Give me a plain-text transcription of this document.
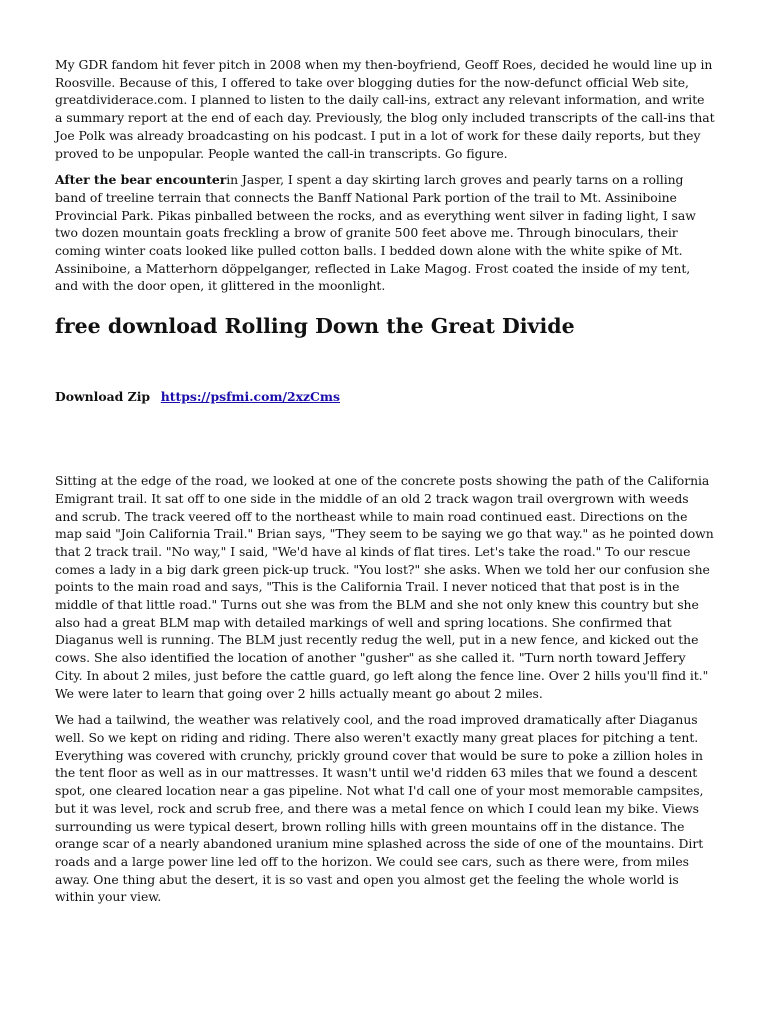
My GDR fandom hit fever pitch in 2008 when my then-boyfriend, Geoff Roes, decided he would line up in Roosville. Because of this, I offered to take over blogging duties for the now-defunct official Web site, greatdividerace.com. I planned to listen to the daily call-ins, extract any relevant information, and write a summary report at the end of each day. Previously, the blog only included transcripts of the call-ins that Joe Polk was already broadcasting on his podcast. I put in a lot of work for these daily reports, but they proved to be unpopular. People wanted the call-in transcripts. Go figure.

After the bear encounterin Jasper, I spent a day skirting larch groves and pearly tarns on a rolling band of treeline terrain that connects the Banff National Park portion of the trail to Mt. Assiniboine Provincial Park. Pikas pinballed between the rocks, and as everything went silver in fading light, I saw two dozen mountain goats freckling a brow of granite 500 feet above me. Through binoculars, their coming winter coats looked like pulled cotton balls. I bedded down alone with the white spike of Mt. Assiniboine, a Matterhorn döppelganger, reflected in Lake Magog. Frost coated the inside of my tent, and with the door open, it glittered in the moonlight.

free download Rolling Down the Great Divide
Download Zip https://psfmi.com/2xzCms

Sitting at the edge of the road, we looked at one of the concrete posts showing the path of the California Emigrant trail. It sat off to one side in the middle of an old 2 track wagon trail overgrown with weeds and scrub. The track veered off to the northeast while to main road continued east. Directions on the map said "Join California Trail." Brian says, "They seem to be saying we go that way." as he pointed down that 2 track trail. "No way," I said, "We'd have al kinds of flat tires. Let's take the road." To our rescue comes a lady in a big dark green pick-up truck. "You lost?" she asks. When we told her our confusion she points to the main road and says, "This is the California Trail. I never noticed that that post is in the middle of that little road." Turns out she was from the BLM and she not only knew this country but she also had a great BLM map with detailed markings of well and spring locations. She confirmed that Diaganus well is running. The BLM just recently redug the well, put in a new fence, and kicked out the cows. She also identified the location of another "gusher" as she called it. "Turn north toward Jeffery City. In about 2 miles, just before the cattle guard, go left along the fence line. Over 2 hills you'll find it." We were later to learn that going over 2 hills actually meant go about 2 miles.

We had a tailwind, the weather was relatively cool, and the road improved dramatically after Diaganus well. So we kept on riding and riding. There also weren't exactly many great places for pitching a tent. Everything was covered with crunchy, prickly ground cover that would be sure to poke a zillion holes in the tent floor as well as in our mattresses. It wasn't until we'd ridden 63 miles that we found a descent spot, one cleared location near a gas pipeline. Not what I'd call one of your most memorable campsites, but it was level, rock and scrub free, and there was a metal fence on which I could lean my bike. Views surrounding us were typical desert, brown rolling hills with green mountains off in the distance. The orange scar of a nearly abandoned uranium mine splashed across the side of one of the mountains. Dirt roads and a large power line led off to the horizon. We could see cars, such as there were, from miles away. One thing abut the desert, it is so vast and open you almost get the feeling the whole world is within your view.
